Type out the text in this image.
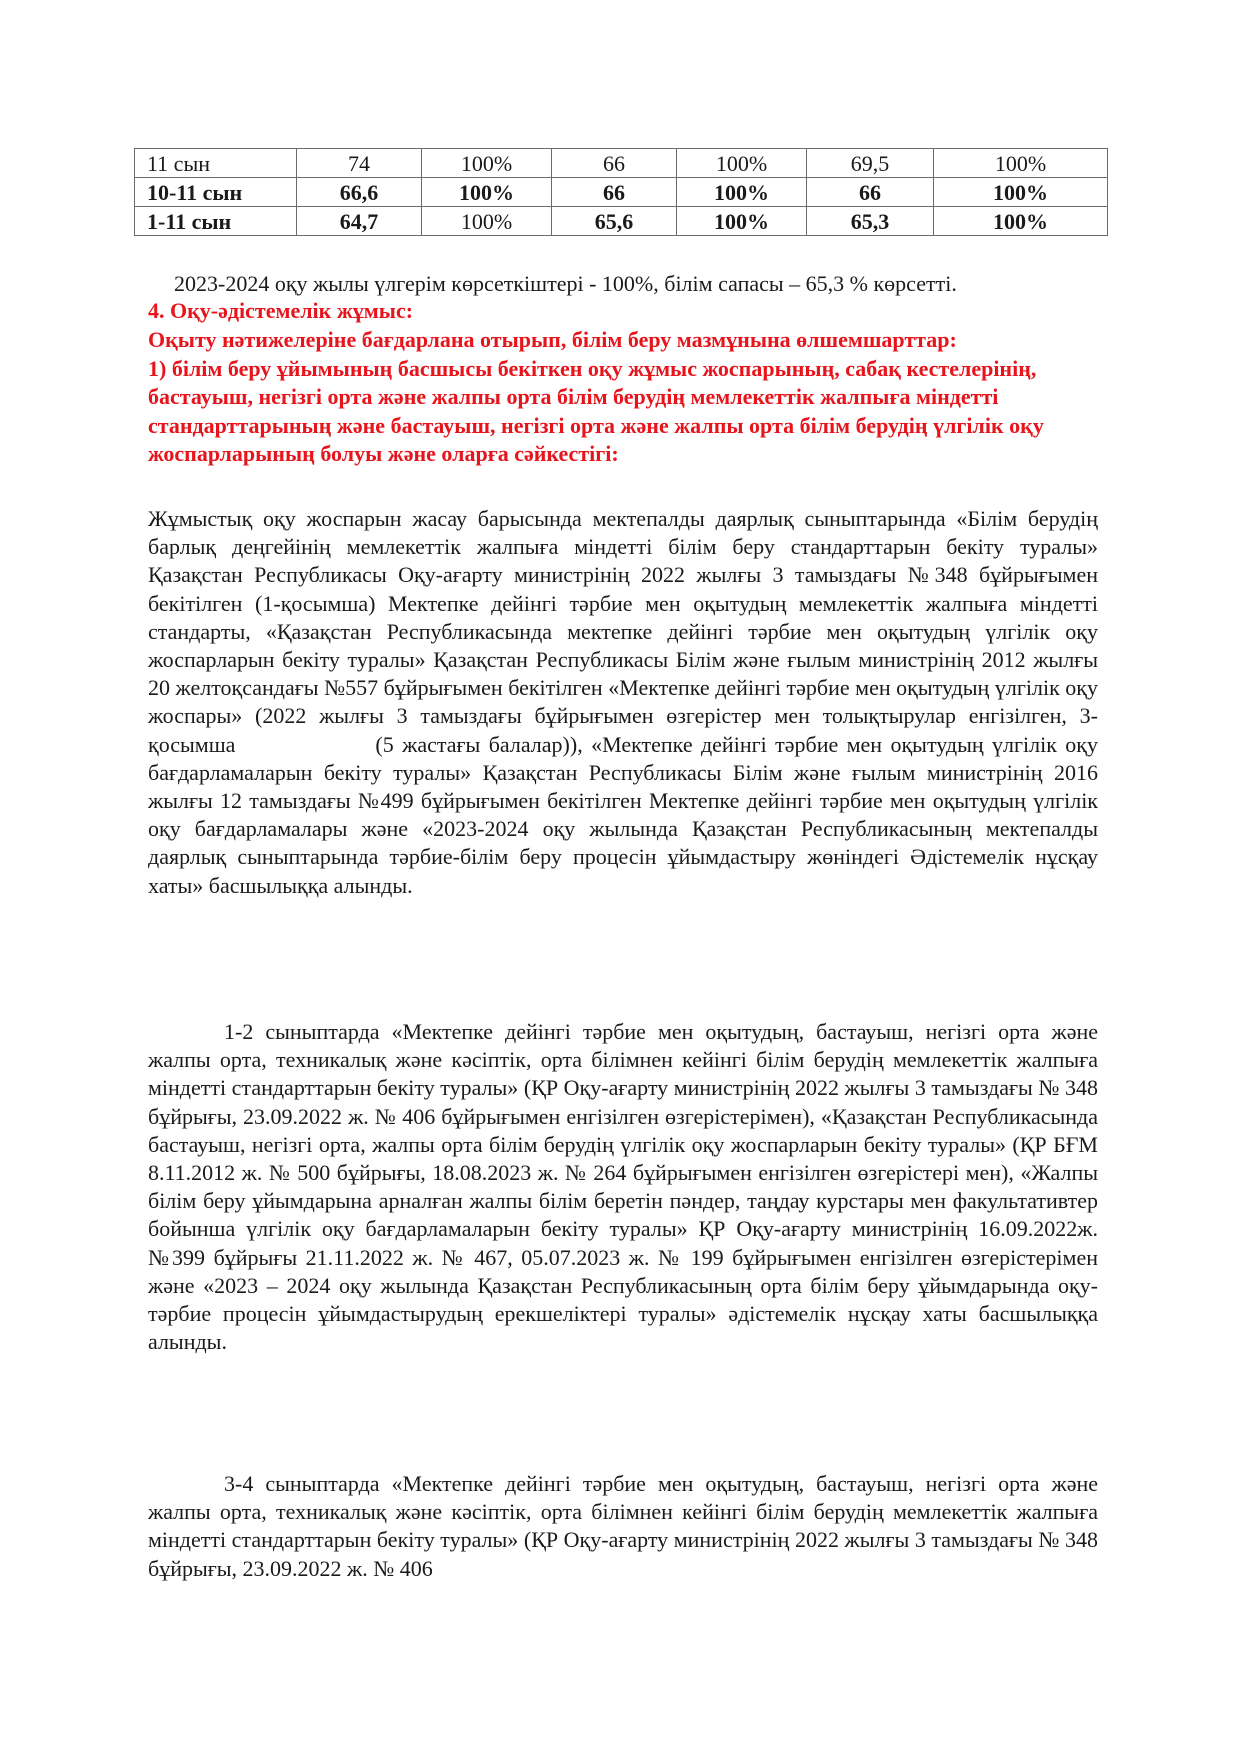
11 сын	74	100%	66	100%	69,5	100%
10-11 сын	66,6	100%	66	100%	66	100%
1-11 сын	64,7	100%	65,6	100%	65,3	100%
2023-2024 оқу жылы үлгерім көрсеткіштері - 100%, білім сапасы – 65,3 % көрсетті.
4. Оқу-әдістемелік жұмыс:
Оқыту нәтижелеріне бағдарлана отырып, білім беру мазмұнына өлшемшарттар:
1) білім беру ұйымының басшысы бекіткен оқу жұмыс жоспарының, сабақ кестелерінің, бастауыш, негізгі орта және жалпы орта білім берудің мемлекеттік жалпыға міндетті стандарттарының және бастауыш, негізгі орта және жалпы орта білім берудің үлгілік оқу жоспарларының болуы және оларға сәйкестігі:
Жұмыстық оқу жоспарын жасау барысында мектепалды даярлық сыныптарында «Білім берудің барлық деңгейінің мемлекеттік жалпыға міндетті білім беру стандарттарын бекіту туралы» Қазақстан Республикасы Оқу-ағарту министрінің 2022 жылғы 3 тамыздағы №348 бұйрығымен бекітілген (1-қосымша) Мектепке дейінгі тәрбие мен оқытудың мемлекеттік жалпыға міндетті стандарты, «Қазақстан Республикасында мектепке дейінгі тәрбие мен оқытудың үлгілік оқу жоспарларын бекіту туралы» Қазақстан Республикасы Білім және ғылым министрінің 2012 жылғы 20 желтоқсандағы №557 бұйрығымен бекітілген «Мектепке дейінгі тәрбие мен оқытудың үлгілік оқу жоспары» (2022 жылғы 3 тамыздағы бұйрығымен өзгерістер мен толықтырулар енгізілген, 3-қосымша	(5 жастағы балалар)), «Мектепке дейінгі тәрбие мен оқытудың үлгілік оқу бағдарламаларын бекіту туралы» Қазақстан Республикасы Білім және ғылым министрінің 2016 жылғы 12 тамыздағы №499 бұйрығымен бекітілген Мектепке дейінгі тәрбие мен оқытудың үлгілік оқу бағдарламалары және «2023-2024 оқу жылында Қазақстан Республикасының мектепалды даярлық сыныптарында тәрбие-білім беру процесін ұйымдастыру жөніндегі Әдістемелік нұсқау хаты» басшылыққа алынды.
1-2 сыныптарда «Мектепке дейінгі тәрбие мен оқытудың, бастауыш, негізгі орта және жалпы орта, техникалық және кәсіптік, орта білімнен кейінгі білім берудің мемлекеттік жалпыға міндетті стандарттарын бекіту туралы» (ҚР Оқу-ағарту министрінің 2022 жылғы 3 тамыздағы № 348 бұйрығы, 23.09.2022 ж. № 406 бұйрығымен енгізілген өзгерістерімен), «Қазақстан Республикасында бастауыш, негізгі орта, жалпы орта білім берудің үлгілік оқу жоспарларын бекіту туралы» (ҚР БҒМ 8.11.2012 ж. № 500 бұйрығы, 18.08.2023 ж. № 264 бұйрығымен енгізілген өзгерістері мен), «Жалпы білім беру ұйымдарына арналған жалпы білім беретін пәндер, таңдау курстары мен факультативтер бойынша үлгілік оқу бағдарламаларын бекіту туралы» ҚР Оқу-ағарту министрінің 16.09.2022ж. №399 бұйрығы 21.11.2022 ж. № 467, 05.07.2023 ж. № 199 бұйрығымен енгізілген өзгерістерімен және «2023 – 2024 оқу жылында Қазақстан Республикасының орта білім беру ұйымдарында оқу-тәрбие процесін ұйымдастырудың ерекшеліктері туралы» әдістемелік нұсқау хаты басшылыққа алынды.
3-4 сыныптарда «Мектепке дейінгі тәрбие мен оқытудың, бастауыш, негізгі орта және жалпы орта, техникалық және кәсіптік, орта білімнен кейінгі білім берудің мемлекеттік жалпыға міндетті стандарттарын бекіту туралы» (ҚР Оқу-ағарту министрінің 2022 жылғы 3 тамыздағы № 348 бұйрығы, 23.09.2022 ж. № 406
